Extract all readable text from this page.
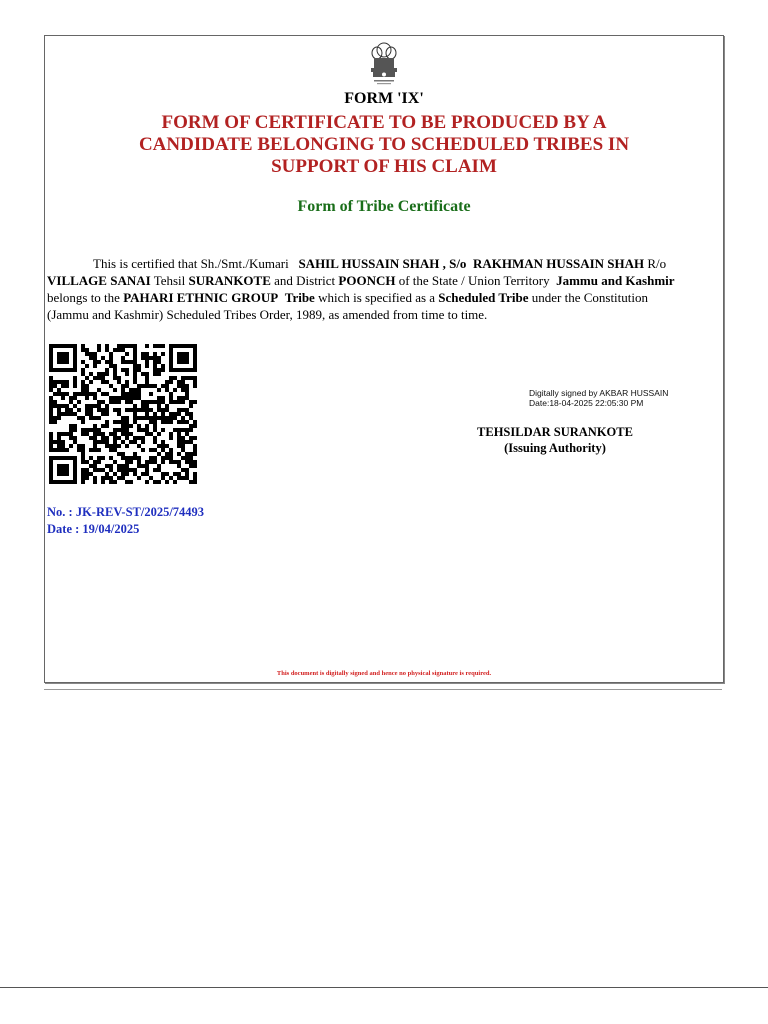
FORM 'IX'
FORM OF CERTIFICATE TO BE PRODUCED BY A
CANDIDATE BELONGING TO SCHEDULED TRIBES IN
SUPPORT OF HIS CLAIM
Form of Tribe Certificate
This is certified that Sh./Smt./Kumari SAHIL HUSSAIN SHAH , S/o RAKHMAN HUSSAIN SHAH R/o
VILLAGE SANAI Tehsil SURANKOTE and District POONCH of the State / Union Territory Jammu and Kashmir
belongs to the PAHARI ETHNIC GROUP Tribe which is specified as a Scheduled Tribe under the Constitution
(Jammu and Kashmir) Scheduled Tribes Order, 1989, as amended from time to time.
Digitally signed by AKBAR HUSSAIN
Date:18-04-2025 22:05:30 PM
TEHSILDAR SURANKOTE
(Issuing Authority)
No. : JK-REV-ST/2025/74493
Date : 19/04/2025
This document is digitally signed and hence no physical signature is required.
